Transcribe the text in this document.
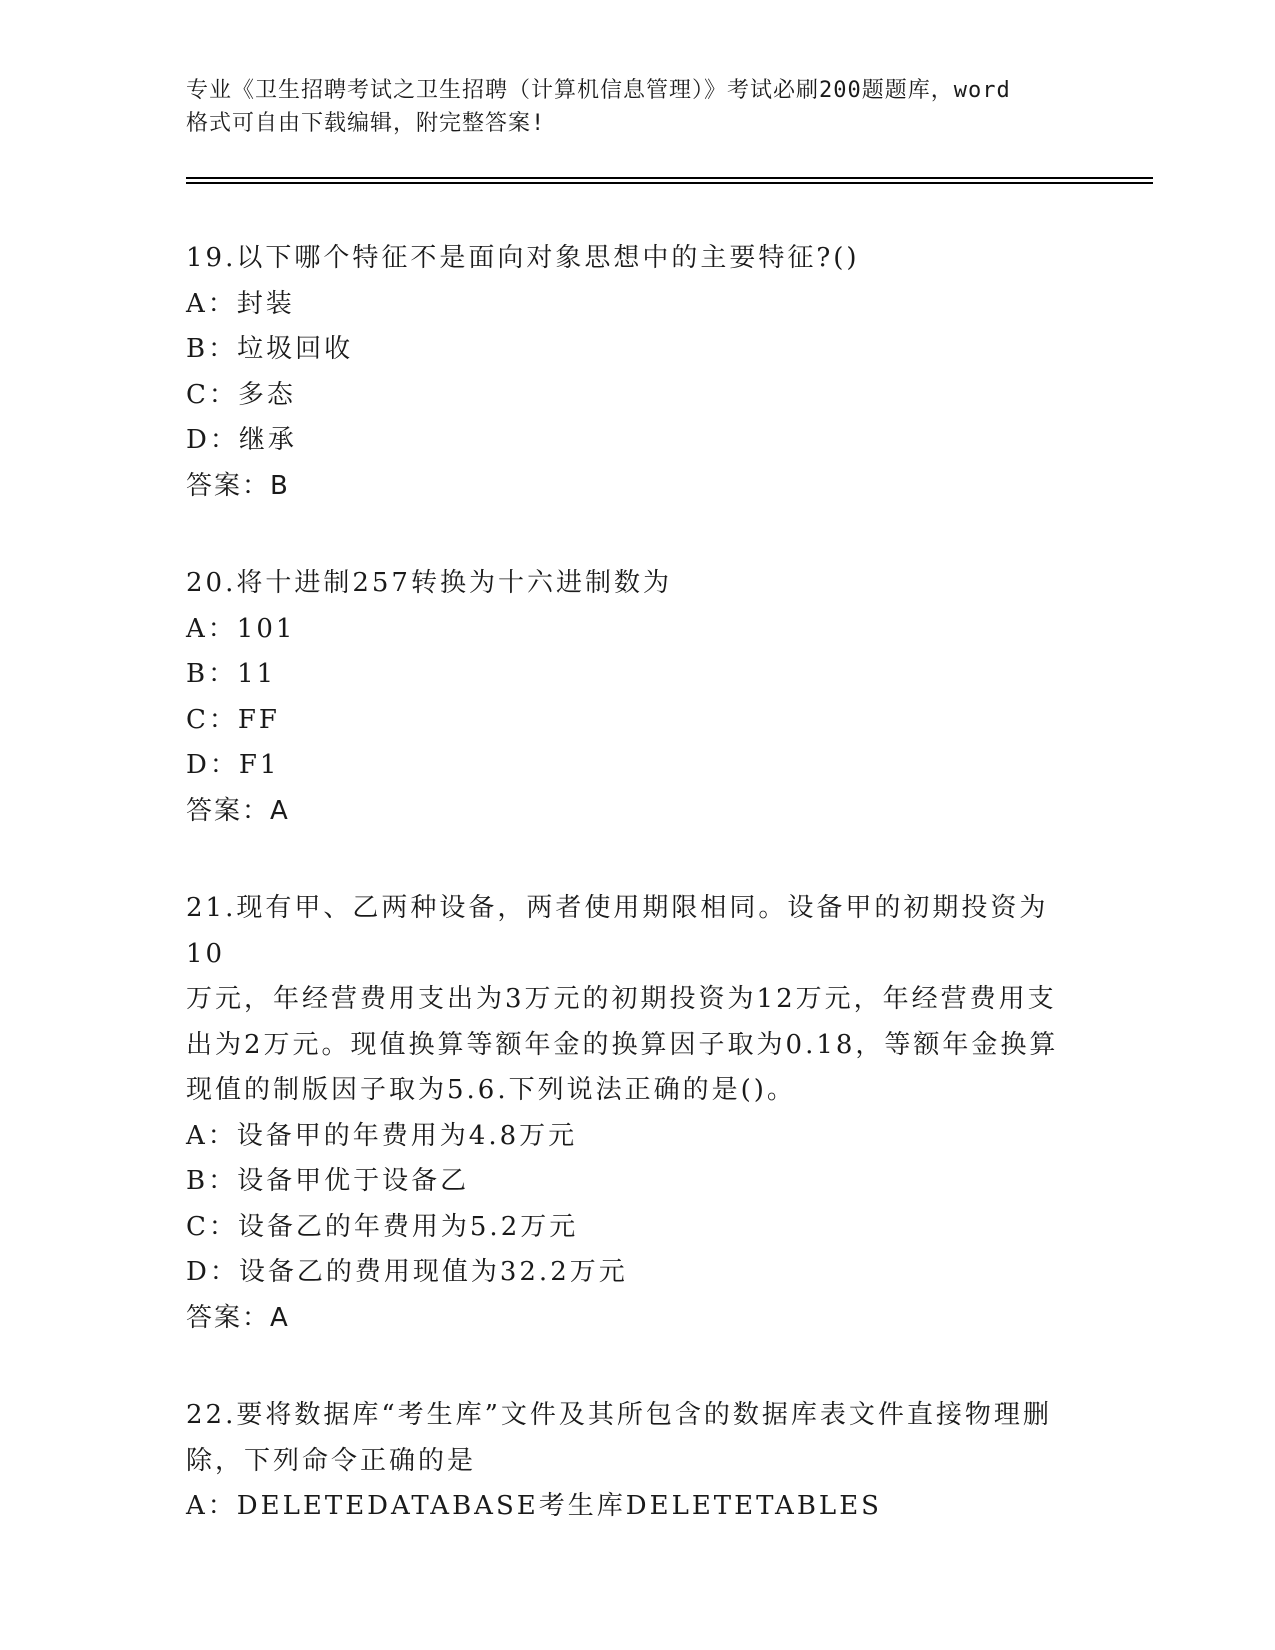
专业《卫生招聘考试之卫生招聘（计算机信息管理）》考试必刷200题题库，word
格式可自由下载编辑，附完整答案!
19.以下哪个特征不是面向对象思想中的主要特征?()
A：封装
B：垃圾回收
C：多态
D：继承
答案：B
20.将十进制257转换为十六进制数为
A：101
B：11
C：FF
D：F1
答案：A
21.现有甲、乙两种设备，两者使用期限相同。设备甲的初期投资为10
万元，年经营费用支出为3万元的初期投资为12万元，年经营费用支
出为2万元。现值换算等额年金的换算因子取为0.18，等额年金换算
现值的制版因子取为5.6.下列说法正确的是()。
A：设备甲的年费用为4.8万元
B：设备甲优于设备乙
C：设备乙的年费用为5.2万元
D：设备乙的费用现值为32.2万元
答案：A
22.要将数据库“考生库”文件及其所包含的数据库表文件直接物理删
除，下列命令正确的是
A：DELETEDATABASE考生库DELETETABLES
